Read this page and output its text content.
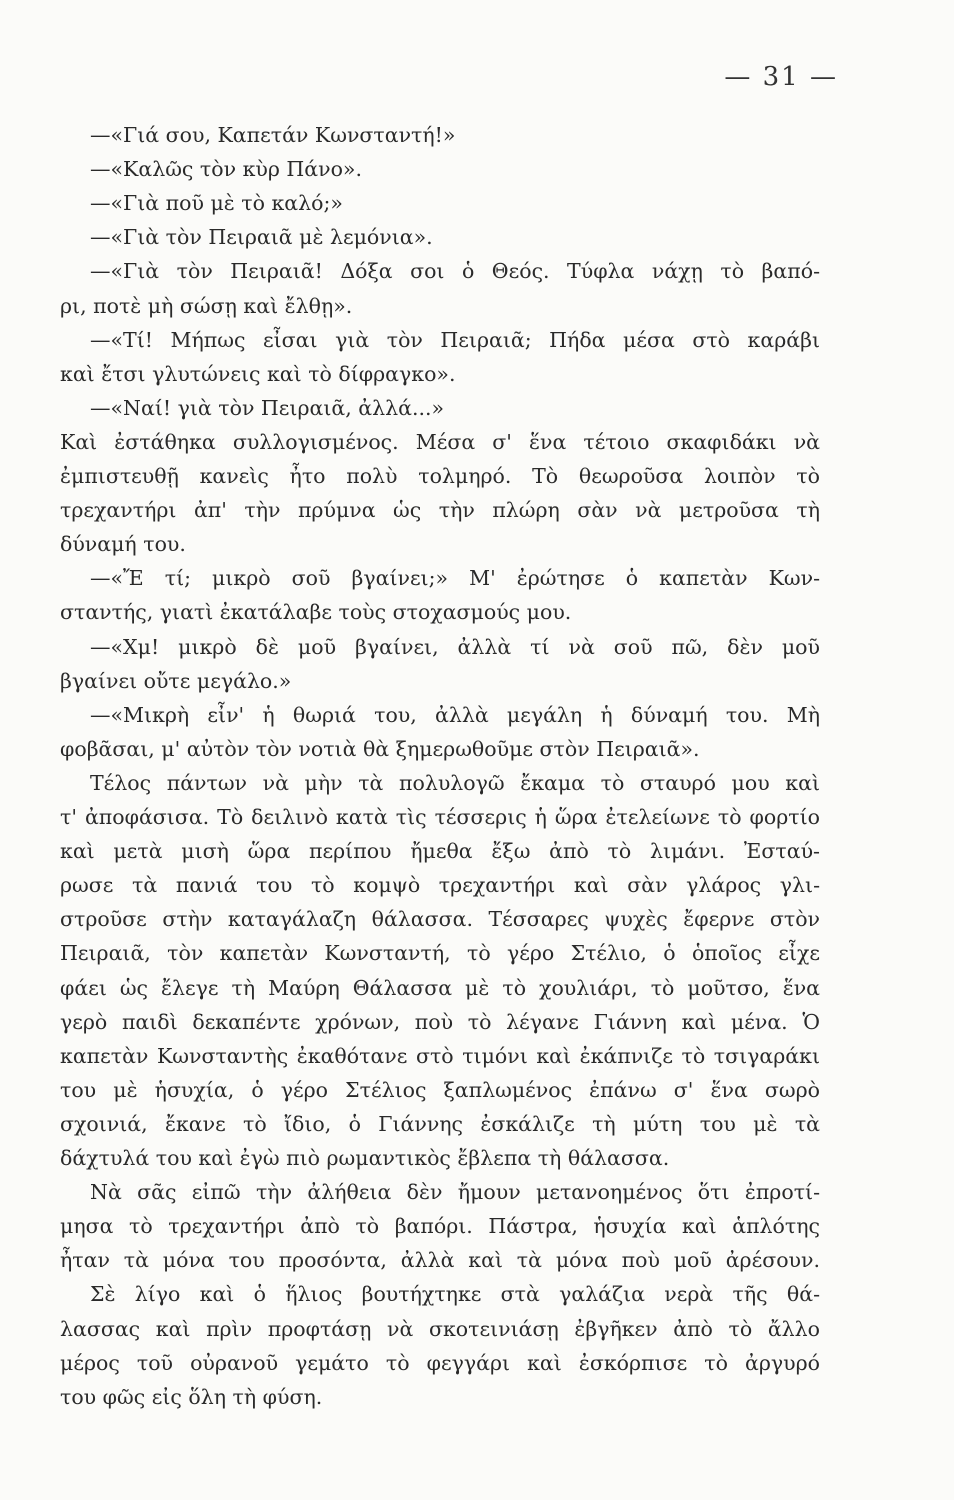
— 31 —
—«Γιά σου, Καπετάν Κωνσταντή!»
—«Καλῶς τὸν κὺρ Πάνο».
—«Γιὰ ποῦ μὲ τὸ καλό;»
—«Γιὰ τὸν Πειραιᾶ μὲ λεμόνια».
—«Γιὰ τὸν Πειραιᾶ! Δόξα σοι ὁ Θεός. Τύφλα νάχῃ τὸ βαπό-
ρι, ποτὲ μὴ σώσῃ καὶ ἔλθῃ».
—«Τί! Μήπως εἶσαι γιὰ τὸν Πειραιᾶ; Πήδα μέσα στὸ καράβι
καὶ ἔτσι γλυτώνεις καὶ τὸ δίφραγκο».
—«Ναί! γιὰ τὸν Πειραιᾶ, ἀλλά...»
Καὶ ἐστάθηκα συλλογισμένος. Μέσα σ' ἕνα τέτοιο σκαφιδάκι νὰ
ἐμπιστευθῇ κανεὶς ἦτο πολὺ τολμηρό. Τὸ θεωροῦσα λοιπὸν τὸ
τρεχαντήρι ἀπ' τὴν πρύμνα ὡς τὴν πλώρη σὰν νὰ μετροῦσα τὴ
δύναμή του.
—«Ἔ τί; μικρὸ σοῦ βγαίνει;» Μ' ἐρώτησε ὁ καπετὰν Κων-
σταντής, γιατὶ ἐκατάλαβε τοὺς στοχασμούς μου.
—«Χμ! μικρὸ δὲ μοῦ βγαίνει, ἀλλὰ τί νὰ σοῦ πῶ, δὲν μοῦ
βγαίνει οὔτε μεγάλο.»
—«Μικρὴ εἶν' ἡ θωριά του, ἀλλὰ μεγάλη ἡ δύναμή του. Μὴ
φοβᾶσαι, μ' αὐτὸν τὸν νοτιὰ θὰ ξημερωθοῦμε στὸν Πειραιᾶ».
Τέλος πάντων νὰ μὴν τὰ πολυλογῶ ἔκαμα τὸ σταυρό μου καὶ
τ' ἀποφάσισα. Τὸ δειλινὸ κατὰ τὶς τέσσερις ἡ ὥρα ἐτελείωνε τὸ φορτίο
καὶ μετὰ μισὴ ὥρα περίπου ἤμεθα ἔξω ἀπὸ τὸ λιμάνι. Ἐσταύ-
ρωσε τὰ πανιά του τὸ κομψὸ τρεχαντήρι καὶ σὰν γλάρος γλι-
στροῦσε στὴν καταγάλαζη θάλασσα. Τέσσαρες ψυχὲς ἔφερνε στὸν
Πειραιᾶ, τὸν καπετὰν Κωνσταντή, τὸ γέρο Στέλιο, ὁ ὁποῖος εἶχε
φάει ὡς ἔλεγε τὴ Μαύρη Θάλασσα μὲ τὸ χουλιάρι, τὸ μοῦτσο, ἕνα
γερὸ παιδὶ δεκαπέντε χρόνων, ποὺ τὸ λέγανε Γιάννη καὶ μένα. Ὁ
καπετὰν Κωνσταντὴς ἐκαθότανε στὸ τιμόνι καὶ ἐκάπνιζε τὸ τσιγαράκι
του μὲ ἡσυχία, ὁ γέρο Στέλιος ξαπλωμένος ἐπάνω σ' ἕνα σωρὸ
σχοινιά, ἔκανε τὸ ἴδιο, ὁ Γιάννης ἐσκάλιζε τὴ μύτη του μὲ τὰ
δάχτυλά του καὶ ἐγὼ πιὸ ρωμαντικὸς ἔβλεπα τὴ θάλασσα.
Νὰ σᾶς εἰπῶ τὴν ἀλήθεια δὲν ἤμουν μετανοημένος ὅτι ἐπροτί-
μησα τὸ τρεχαντήρι ἀπὸ τὸ βαπόρι. Πάστρα, ἡσυχία καὶ ἁπλότης
ἦταν τὰ μόνα του προσόντα, ἀλλὰ καὶ τὰ μόνα ποὺ μοῦ ἀρέσουν.
Σὲ λίγο καὶ ὁ ἥλιος βουτήχτηκε στὰ γαλάζια νερὰ τῆς θά-
λασσας καὶ πρὶν προφτάσῃ νὰ σκοτεινιάσῃ ἐβγῆκεν ἀπὸ τὸ ἄλλο
μέρος τοῦ οὐρανοῦ γεμάτο τὸ φεγγάρι καὶ ἐσκόρπισε τὸ ἀργυρό
του φῶς εἰς ὅλη τὴ φύση.
